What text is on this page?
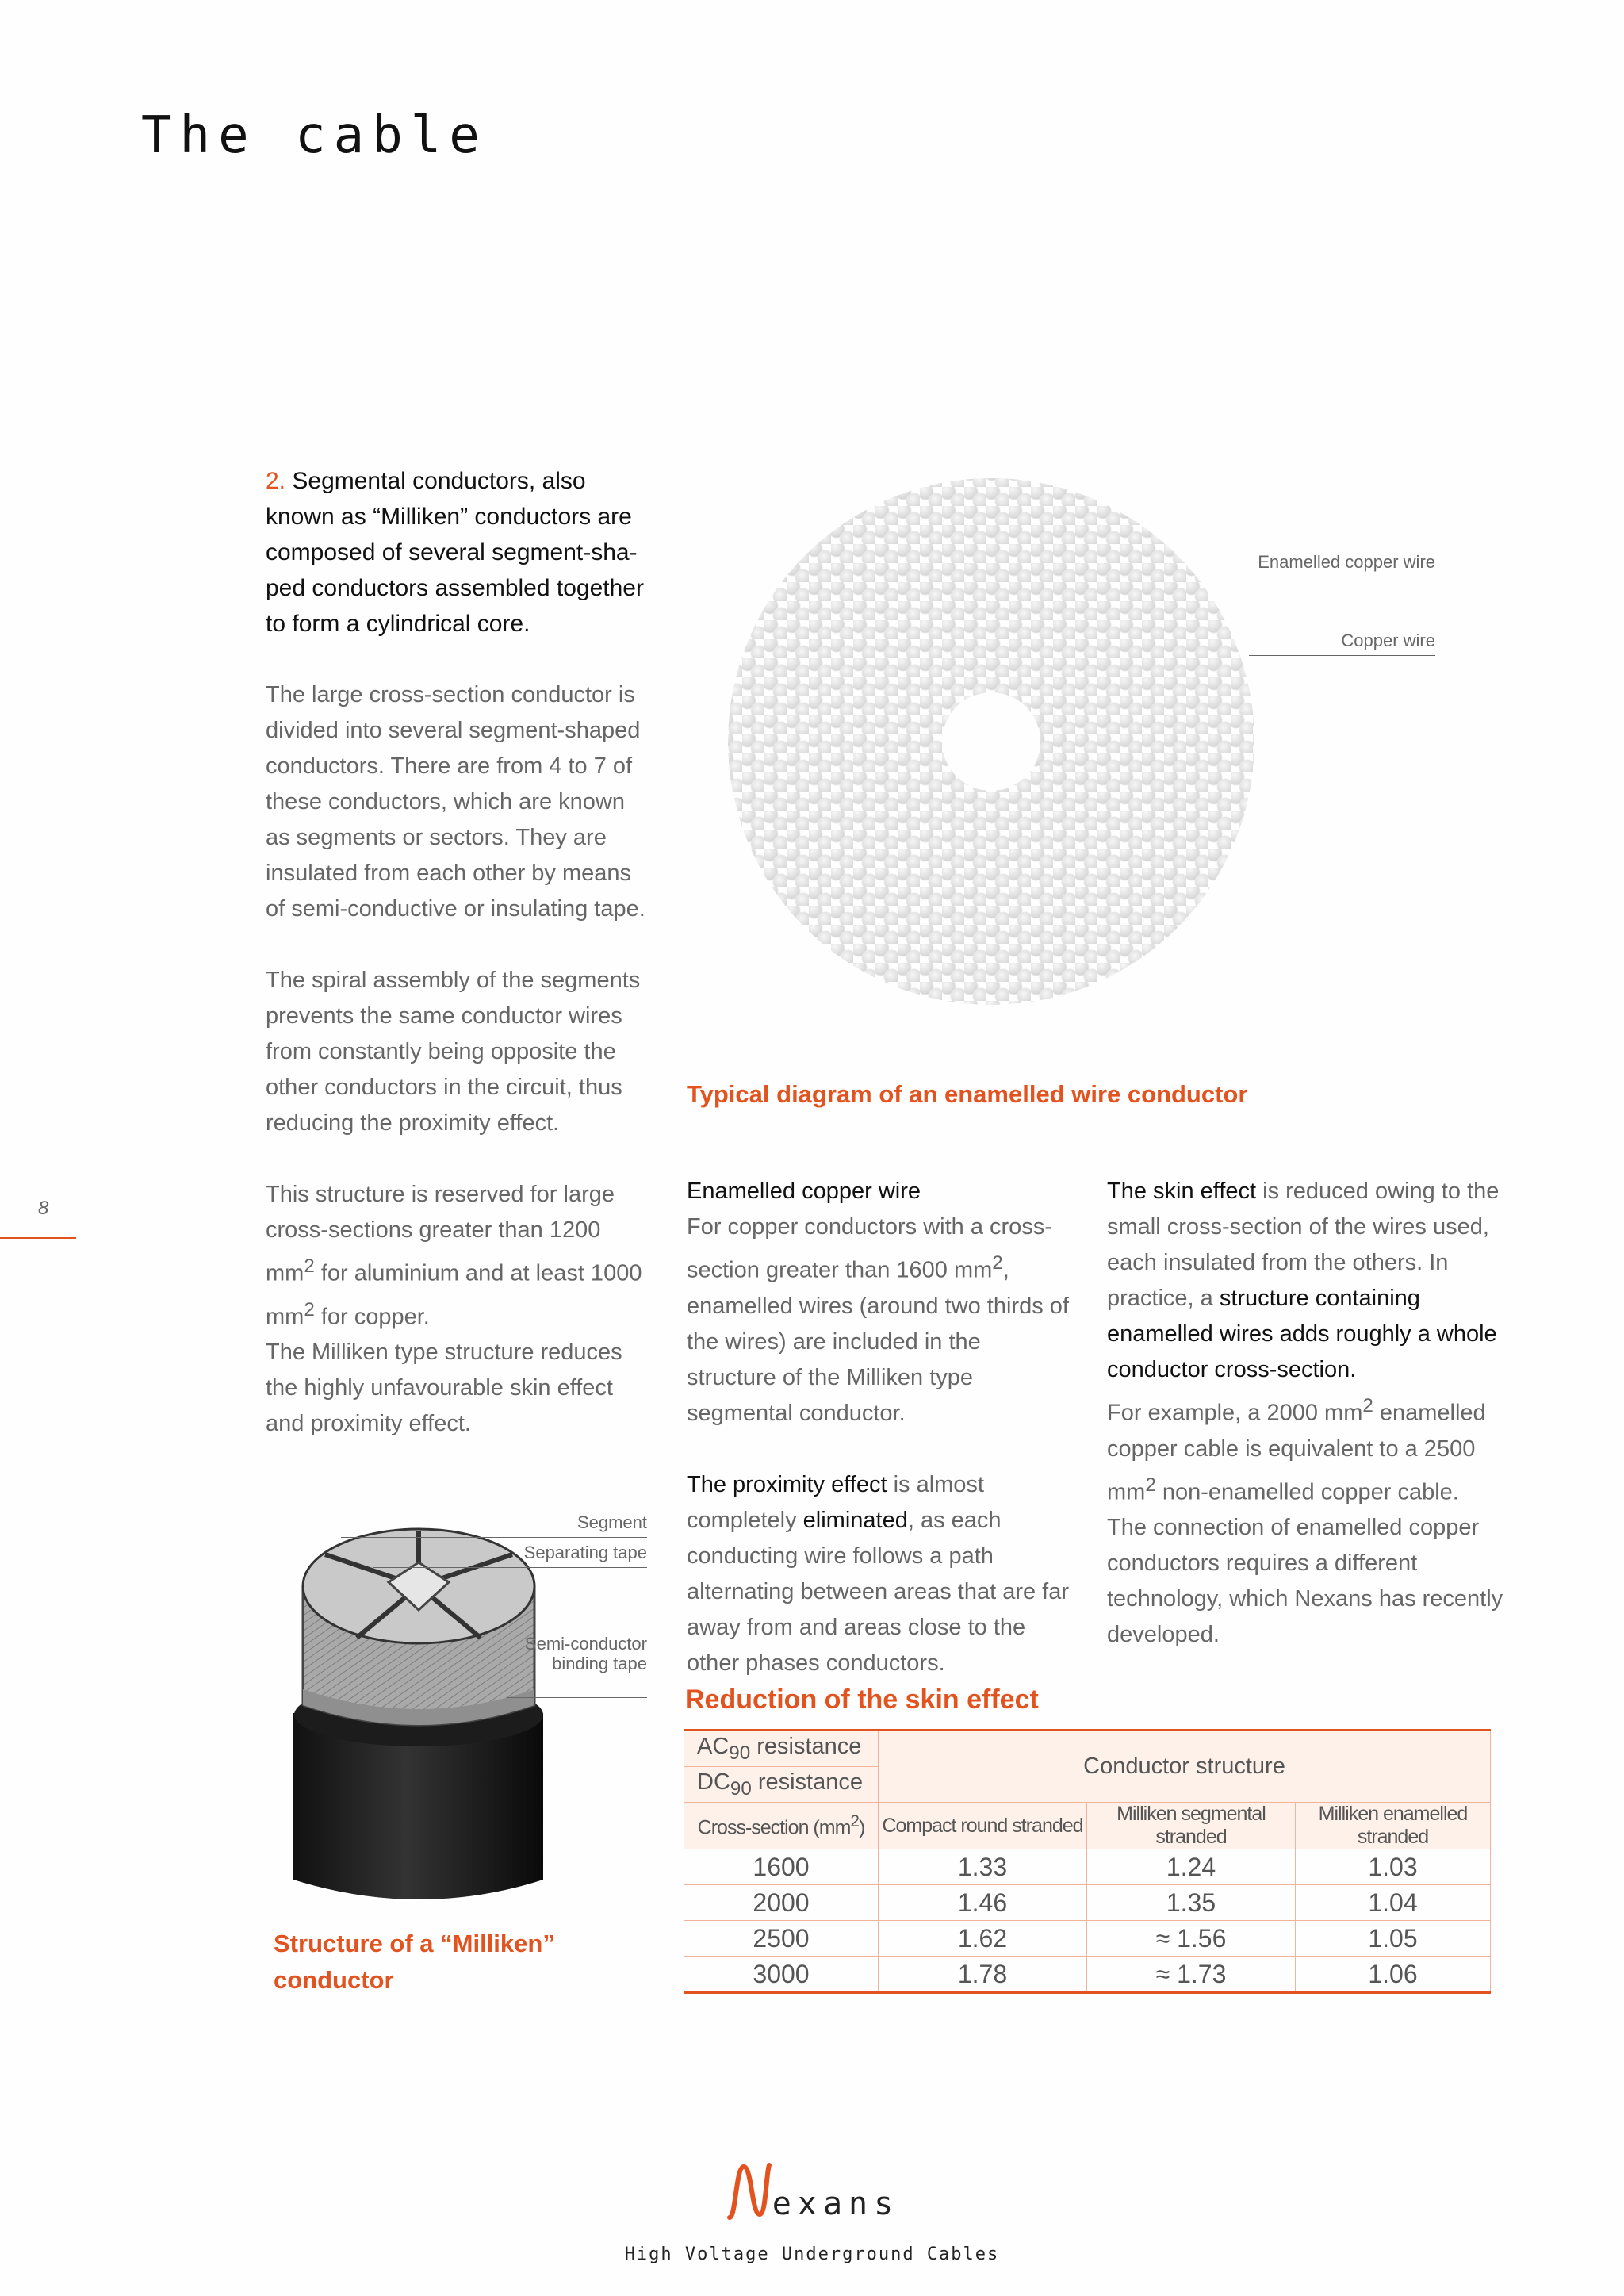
The cable
8

2. Segmental conductors, also known as “Milliken” conductors are composed of several segment-sha- ped conductors assembled together to form a cylindrical core.

The large cross-section conductor is divided into several segment-shaped conductors. There are from 4 to 7 of these conductors, which are known as segments or sectors. They are insulated from each other by means of semi-conductive or insulating tape.

The spiral assembly of the segments prevents the same conductor wires from constantly being opposite the other conductors in the circuit, thus reducing the proximity effect.

This structure is reserved for large cross-sections greater than 1200 $mm^2$ for aluminium and at least 1000 $mm^2$ for copper.
The Milliken type structure reduces the highly unfavourable skin effect and proximity effect.

Enamelled copper wire
Copper wire
Typical diagram of an enamelled wire conductor

Enamelled copper wire
For copper conductors with a cross-section greater than 1600 $mm^2$, enamelled wires (around two thirds of the wires) are included in the structure of the Milliken type segmental conductor.

The proximity effect is almost completely eliminated, as each conducting wire follows a path alternating between areas that are far away from and areas close to the other phases conductors.

The skin effect is reduced owing to the small cross-section of the wires used, each insulated from the others. In practice, a structure containing enamelled wires adds roughly a whole conductor cross-section.
For example, a 2000 $mm^2$ enamelled copper cable is equivalent to a 2500 $mm^2$ non-enamelled copper cable.
The connection of enamelled copper conductors requires a different technology, which Nexans has recently developed.

Segment
Separating tape
Semi-conductor binding tape
Structure of a “Milliken” conductor
Reduction of the skin effect
$AC_{90}$ resistance	Conductor structure		
$DC_{90}$ resistance			
Cross-section $(mm^2)$	Compact round stranded	Milliken segmental stranded	Milliken enamelled stranded
1600	1.33	1.24	1.03
2000	1.46	1.35	1.04
2500	1.62	≈ 1.56	1.05
3000	1.78	≈ 1.73	1.06
exans
High Voltage Underground Cables
